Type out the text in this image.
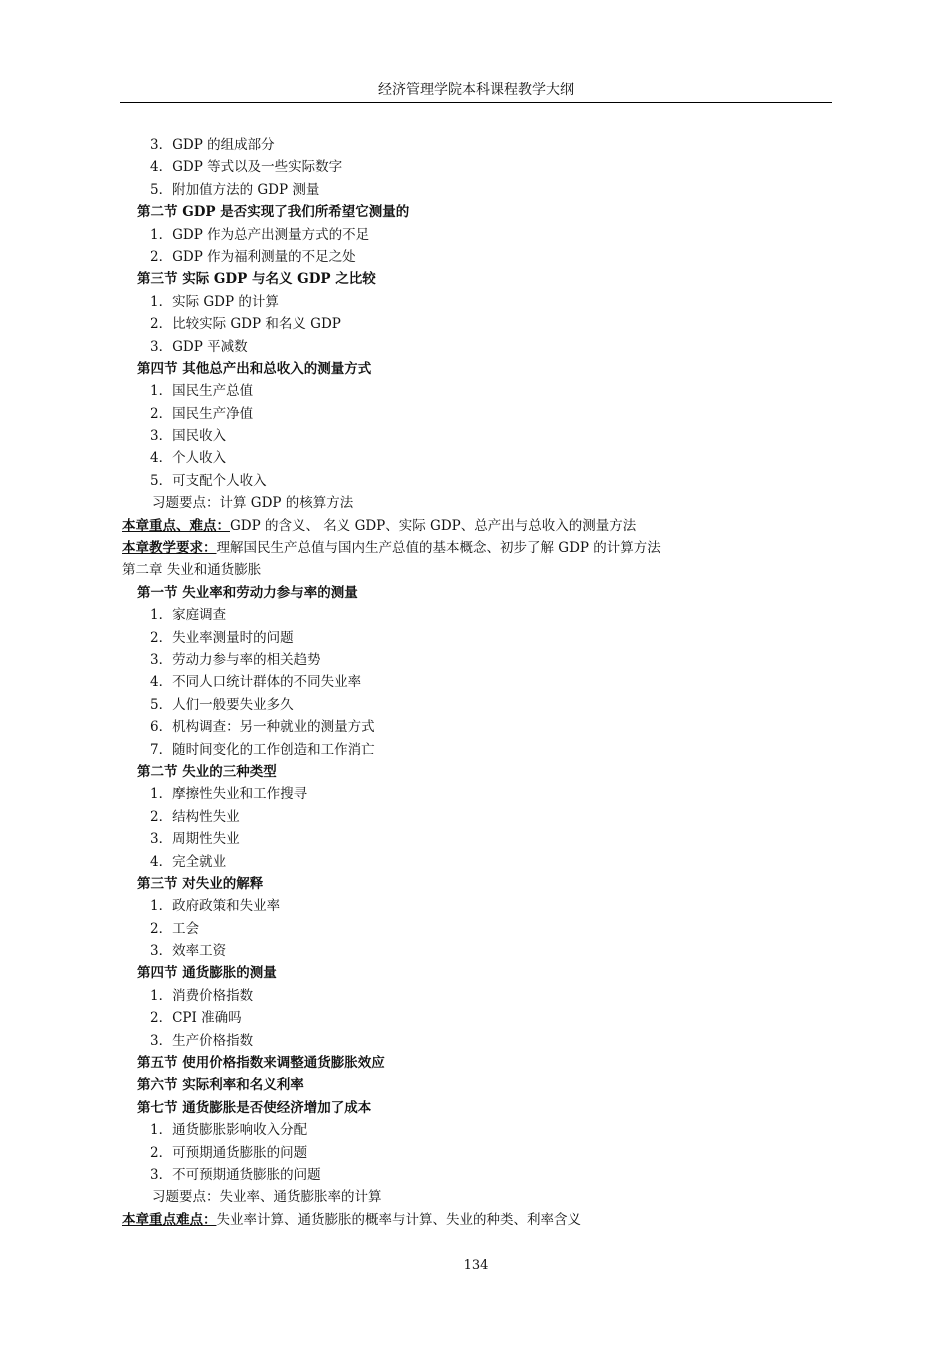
经济管理学院本科课程教学大纲
3．GDP 的组成部分
4．GDP 等式以及一些实际数字
5．附加值方法的 GDP 测量
第二节 GDP 是否实现了我们所希望它测量的
1．GDP 作为总产出测量方式的不足
2．GDP 作为福利测量的不足之处
第三节 实际 GDP 与名义 GDP 之比较
1．实际 GDP 的计算
2．比较实际 GDP 和名义 GDP
3．GDP 平减数
第四节 其他总产出和总收入的测量方式
1．国民生产总值
2．国民生产净值
3．国民收入
4．个人收入
5．可支配个人收入
习题要点：计算 GDP 的核算方法
本章重点、难点：GDP 的含义、 名义 GDP、实际 GDP、总产出与总收入的测量方法
本章教学要求：理解国民生产总值与国内生产总值的基本概念、初步了解 GDP 的计算方法
第二章 失业和通货膨胀
第一节 失业率和劳动力参与率的测量
1．家庭调查
2．失业率测量时的问题
3．劳动力参与率的相关趋势
4．不同人口统计群体的不同失业率
5．人们一般要失业多久
6．机构调查：另一种就业的测量方式
7．随时间变化的工作创造和工作消亡
第二节 失业的三种类型
1．摩擦性失业和工作搜寻
2．结构性失业
3．周期性失业
4．完全就业
第三节 对失业的解释
1．政府政策和失业率
2．工会
3．效率工资
第四节 通货膨胀的测量
1．消费价格指数
2．CPI 准确吗
3．生产价格指数
第五节 使用价格指数来调整通货膨胀效应
第六节 实际利率和名义利率
第七节 通货膨胀是否使经济增加了成本
1．通货膨胀影响收入分配
2．可预期通货膨胀的问题
3．不可预期通货膨胀的问题
习题要点：失业率、通货膨胀率的计算
本章重点难点：失业率计算、通货膨胀的概率与计算、失业的种类、利率含义
134
